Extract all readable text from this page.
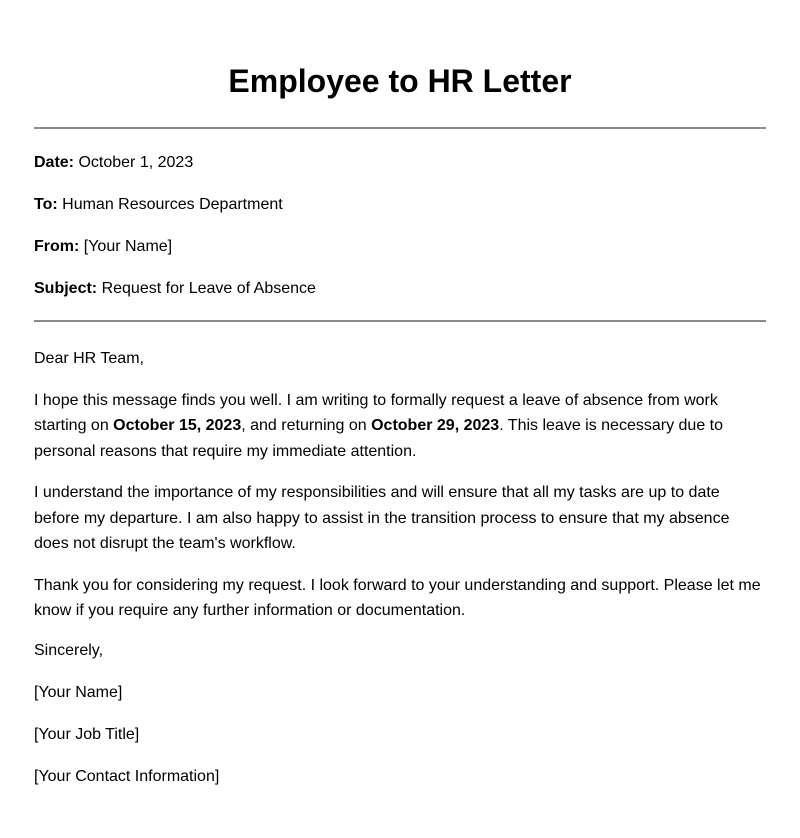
Employee to HR Letter

Date: October 1, 2023

To: Human Resources Department

From: [Your Name]

Subject: Request for Leave of Absence

Dear HR Team,

I hope this message finds you well. I am writing to formally request a leave of absence from work starting on October 15, 2023, and returning on October 29, 2023. This leave is necessary due to personal reasons that require my immediate attention.

I understand the importance of my responsibilities and will ensure that all my tasks are up to date before my departure. I am also happy to assist in the transition process to ensure that my absence does not disrupt the team's workflow.

Thank you for considering my request. I look forward to your understanding and support. Please let me know if you require any further information or documentation.

Sincerely,

[Your Name]

[Your Job Title]

[Your Contact Information]
